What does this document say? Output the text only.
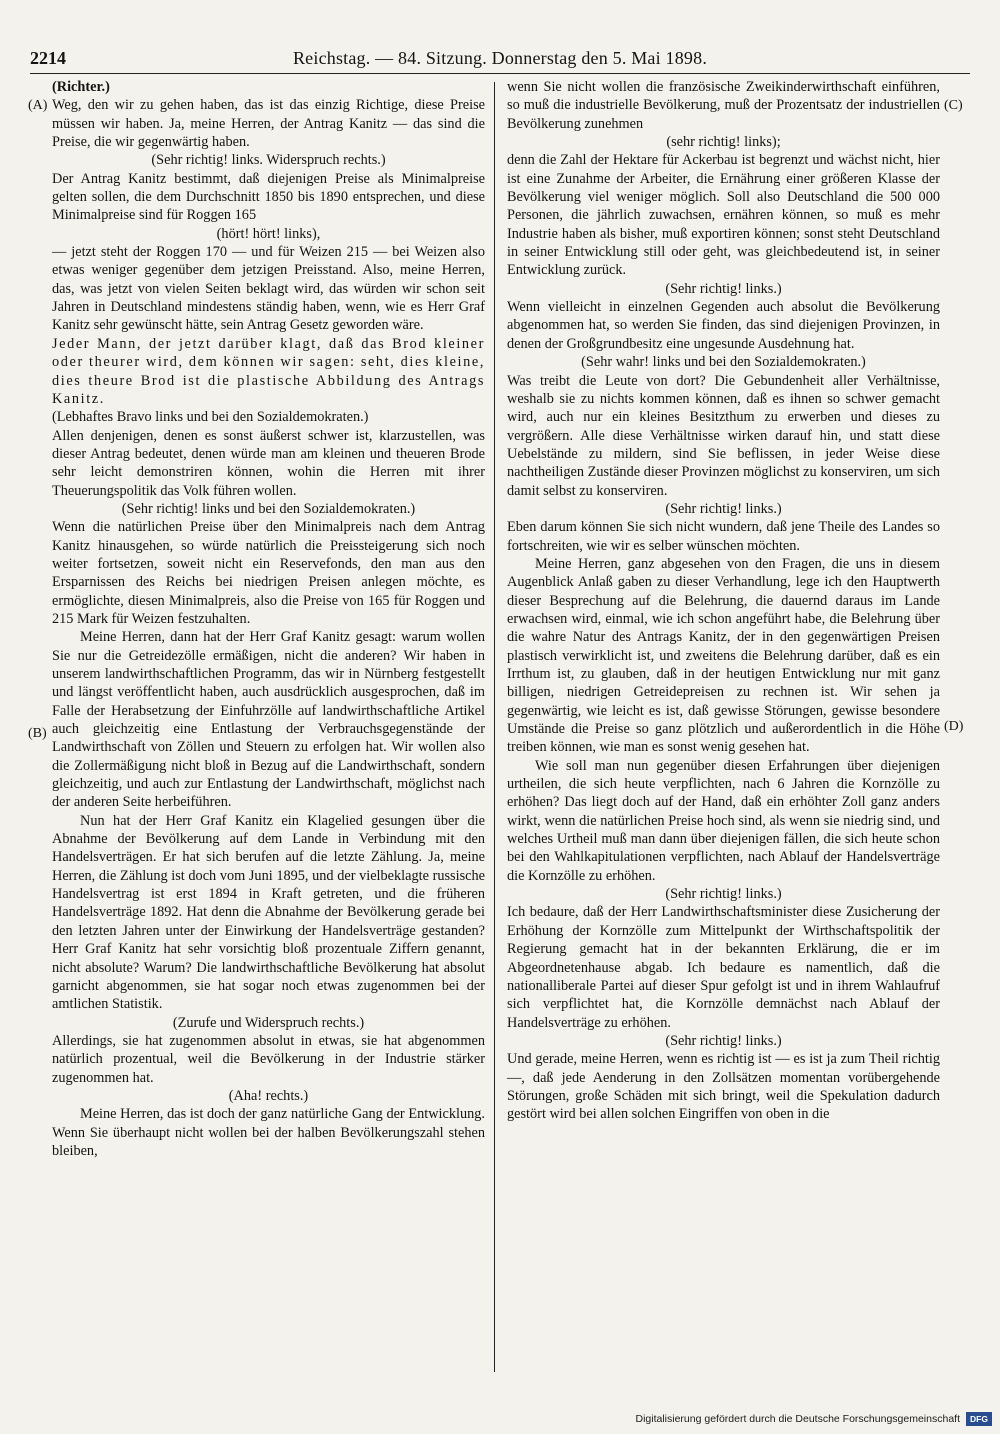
2214	Reichstag. — 84. Sitzung. Donnerstag den 5. Mai 1898.
(A)
(B)
(C)
(D)

(Richter.)

Weg, den wir zu gehen haben, das ist das einzig Richtige, diese Preise müssen wir haben. Ja, meine Herren, der Antrag Kanitz — das sind die Preise, die wir gegenwärtig haben.

(Sehr richtig! links. Widerspruch rechts.)

Der Antrag Kanitz bestimmt, daß diejenigen Preise als Minimalpreise gelten sollen, die dem Durchschnitt 1850 bis 1890 entsprechen, und diese Minimalpreise sind für Roggen 165

(hört! hört! links),

— jetzt steht der Roggen 170 — und für Weizen 215 — bei Weizen also etwas weniger gegenüber dem jetzigen Preisstand. Also, meine Herren, das, was jetzt von vielen Seiten beklagt wird, das würden wir schon seit Jahren in Deutschland mindestens ständig haben, wenn, wie es Herr Graf Kanitz sehr gewünscht hätte, sein Antrag Gesetz geworden wäre.

Jeder Mann, der jetzt darüber klagt, daß das Brod kleiner oder theurer wird, dem können wir sagen: seht, dies kleine, dies theure Brod ist die plastische Abbildung des Antrags Kanitz.

(Lebhaftes Bravo links und bei den Sozialdemokraten.)

Allen denjenigen, denen es sonst äußerst schwer ist, klarzustellen, was dieser Antrag bedeutet, denen würde man am kleinen und theueren Brode sehr leicht demonstriren können, wohin die Herren mit ihrer Theuerungspolitik das Volk führen wollen.

(Sehr richtig! links und bei den Sozialdemokraten.)

Wenn die natürlichen Preise über den Minimalpreis nach dem Antrag Kanitz hinausgehen, so würde natürlich die Preissteigerung sich noch weiter fortsetzen, soweit nicht ein Reservefonds, den man aus den Ersparnissen des Reichs bei niedrigen Preisen anlegen möchte, es ermöglichte, diesen Minimalpreis, also die Preise von 165 für Roggen und 215 Mark für Weizen festzuhalten.

Meine Herren, dann hat der Herr Graf Kanitz gesagt: warum wollen Sie nur die Getreidezölle ermäßigen, nicht die anderen? Wir haben in unserem landwirthschaftlichen Programm, das wir in Nürnberg festgestellt und längst veröffentlicht haben, auch ausdrücklich ausgesprochen, daß im Falle der Herabsetzung der Einfuhrzölle auf landwirthschaftliche Artikel auch gleichzeitig eine Entlastung der Verbrauchsgegenstände der Landwirthschaft von Zöllen und Steuern zu erfolgen hat. Wir wollen also die Zollermäßigung nicht bloß in Bezug auf die Landwirthschaft, sondern gleichzeitig, und auch zur Entlastung der Landwirthschaft, möglichst nach der anderen Seite herbeiführen.

Nun hat der Herr Graf Kanitz ein Klagelied gesungen über die Abnahme der Bevölkerung auf dem Lande in Verbindung mit den Handelsverträgen. Er hat sich berufen auf die letzte Zählung. Ja, meine Herren, die Zählung ist doch vom Juni 1895, und der vielbeklagte russische Handelsvertrag ist erst 1894 in Kraft getreten, und die früheren Handelsverträge 1892. Hat denn die Abnahme der Bevölkerung gerade bei den letzten Jahren unter der Einwirkung der Handelsverträge gestanden? Herr Graf Kanitz hat sehr vorsichtig bloß prozentuale Ziffern genannt, nicht absolute? Warum? Die landwirthschaftliche Bevölkerung hat absolut garnicht abgenommen, sie hat sogar noch etwas zugenommen bei der amtlichen Statistik.

(Zurufe und Widerspruch rechts.)

Allerdings, sie hat zugenommen absolut in etwas, sie hat abgenommen natürlich prozentual, weil die Bevölkerung in der Industrie stärker zugenommen hat.

(Aha! rechts.)

Meine Herren, das ist doch der ganz natürliche Gang der Entwicklung. Wenn Sie überhaupt nicht wollen bei der halben Bevölkerungszahl stehen bleiben,

wenn Sie nicht wollen die französische Zweikinderwirthschaft einführen, so muß die industrielle Bevölkerung, muß der Prozentsatz der industriellen Bevölkerung zunehmen

(sehr richtig! links);

denn die Zahl der Hektare für Ackerbau ist begrenzt und wächst nicht, hier ist eine Zunahme der Arbeiter, die Ernährung einer größeren Klasse der Bevölkerung viel weniger möglich. Soll also Deutschland die 500 000 Personen, die jährlich zuwachsen, ernähren können, so muß es mehr Industrie haben als bisher, muß exportiren können; sonst steht Deutschland in seiner Entwicklung still oder geht, was gleichbedeutend ist, in seiner Entwicklung zurück.

(Sehr richtig! links.)

Wenn vielleicht in einzelnen Gegenden auch absolut die Bevölkerung abgenommen hat, so werden Sie finden, das sind diejenigen Provinzen, in denen der Großgrundbesitz eine ungesunde Ausdehnung hat.

(Sehr wahr! links und bei den Sozialdemokraten.)

Was treibt die Leute von dort? Die Gebundenheit aller Verhältnisse, weshalb sie zu nichts kommen können, daß es ihnen so schwer gemacht wird, auch nur ein kleines Besitzthum zu erwerben und dieses zu vergrößern. Alle diese Verhältnisse wirken darauf hin, und statt diese Uebelstände zu mildern, sind Sie beflissen, in jeder Weise diese nachtheiligen Zustände dieser Provinzen möglichst zu konserviren, um sich damit selbst zu konserviren.

(Sehr richtig! links.)

Eben darum können Sie sich nicht wundern, daß jene Theile des Landes so fortschreiten, wie wir es selber wünschen möchten.

Meine Herren, ganz abgesehen von den Fragen, die uns in diesem Augenblick Anlaß gaben zu dieser Verhandlung, lege ich den Hauptwerth dieser Besprechung auf die Belehrung, die dauernd daraus im Lande erwachsen wird, einmal, wie ich schon angeführt habe, die Belehrung über die wahre Natur des Antrags Kanitz, der in den gegenwärtigen Preisen plastisch verwirklicht ist, und zweitens die Belehrung darüber, daß es ein Irrthum ist, zu glauben, daß in der heutigen Entwicklung nur mit ganz billigen, niedrigen Getreidepreisen zu rechnen ist. Wir sehen ja gegenwärtig, wie leicht es ist, daß gewisse Störungen, gewisse besondere Umstände die Preise so ganz plötzlich und außerordentlich in die Höhe treiben können, wie man es sonst wenig gesehen hat.

Wie soll man nun gegenüber diesen Erfahrungen über diejenigen urtheilen, die sich heute verpflichten, nach 6 Jahren die Kornzölle zu erhöhen? Das liegt doch auf der Hand, daß ein erhöhter Zoll ganz anders wirkt, wenn die natürlichen Preise hoch sind, als wenn sie niedrig sind, und welches Urtheil muß man dann über diejenigen fällen, die sich heute schon bei den Wahlkapitulationen verpflichten, nach Ablauf der Handelsverträge die Kornzölle zu erhöhen.

(Sehr richtig! links.)

Ich bedaure, daß der Herr Landwirthschaftsminister diese Zusicherung der Erhöhung der Kornzölle zum Mittelpunkt der Wirthschaftspolitik der Regierung gemacht hat in der bekannten Erklärung, die er im Abgeordnetenhause abgab. Ich bedaure es namentlich, daß die nationalliberale Partei auf dieser Spur gefolgt ist und in ihrem Wahlaufruf sich verpflichtet hat, die Kornzölle demnächst nach Ablauf der Handelsverträge zu erhöhen.

(Sehr richtig! links.)

Und gerade, meine Herren, wenn es richtig ist — es ist ja zum Theil richtig —, daß jede Aenderung in den Zollsätzen momentan vorübergehende Störungen, große Schäden mit sich bringt, weil die Spekulation dadurch gestört wird bei allen solchen Eingriffen von oben in die

Digitalisierung gefördert durch die Deutsche Forschungsgemeinschaft	DFG
